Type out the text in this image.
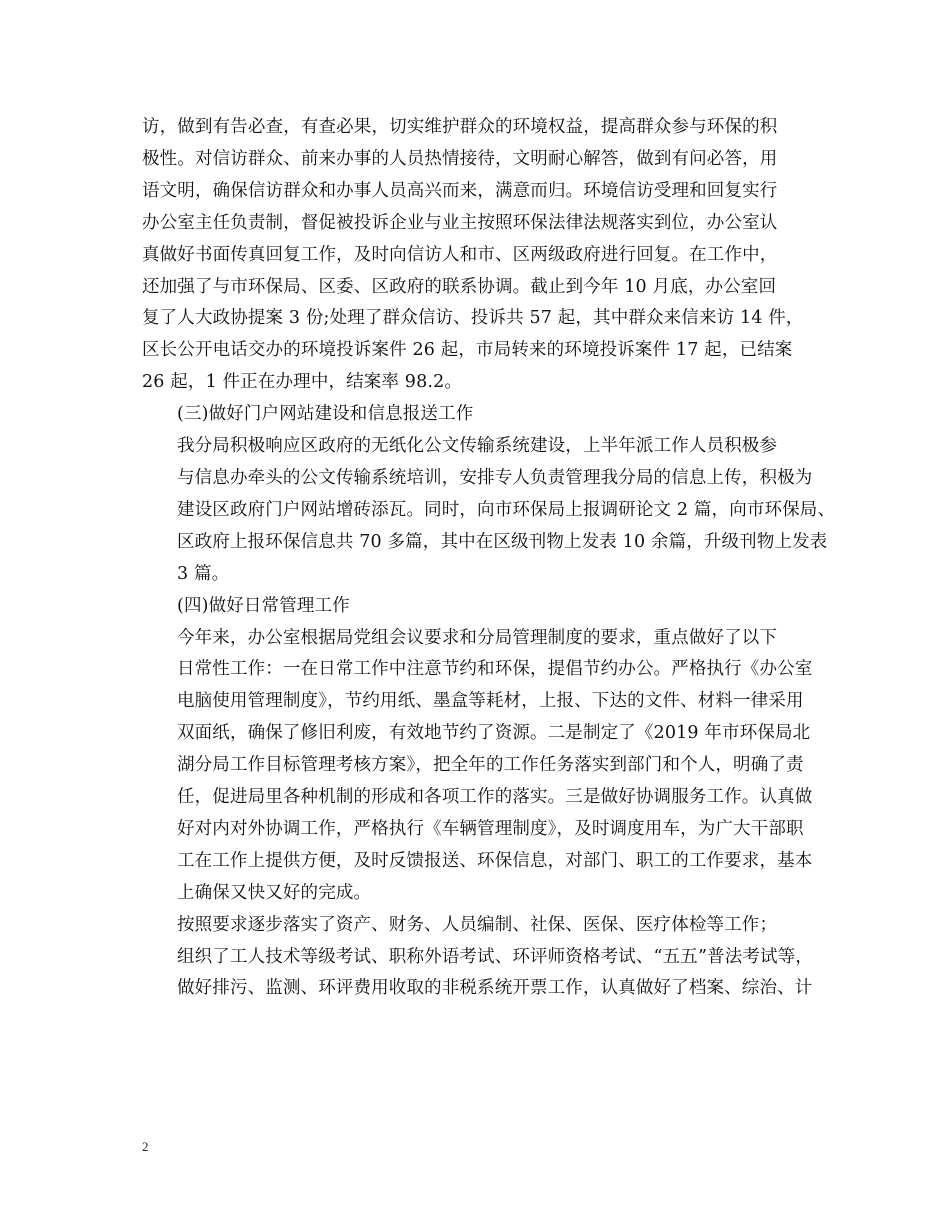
访，做到有告必查，有查必果，切实维护群众的环境权益，提高群众参与环保的积
极性。对信访群众、前来办事的人员热情接待，文明耐心解答，做到有问必答，用
语文明，确保信访群众和办事人员高兴而来，满意而归。环境信访受理和回复实行
办公室主任负责制，督促被投诉企业与业主按照环保法律法规落实到位，办公室认
真做好书面传真回复工作，及时向信访人和市、区两级政府进行回复。在工作中，
还加强了与市环保局、区委、区政府的联系协调。截止到今年 10 月底，办公室回
复了人大政协提案 3 份;处理了群众信访、投诉共 57 起，其中群众来信来访 14 件，
区长公开电话交办的环境投诉案件 26 起，市局转来的环境投诉案件 17 起，已结案
26 起，1 件正在办理中，结案率 98.2。

(三)做好门户网站建设和信息报送工作

我分局积极响应区政府的无纸化公文传输系统建设，上半年派工作人员积极参
与信息办牵头的公文传输系统培训，安排专人负责管理我分局的信息上传，积极为
建设区政府门户网站增砖添瓦。同时，向市环保局上报调研论文 2 篇，向市环保局、
区政府上报环保信息共 70 多篇，其中在区级刊物上发表 10 余篇，升级刊物上发表
3 篇。

(四)做好日常管理工作

今年来，办公室根据局党组会议要求和分局管理制度的要求，重点做好了以下
日常性工作：一在日常工作中注意节约和环保，提倡节约办公。严格执行《办公室
电脑使用管理制度》，节约用纸、墨盒等耗材，上报、下达的文件、材料一律采用
双面纸，确保了修旧利废，有效地节约了资源。二是制定了《2019 年市环保局北
湖分局工作目标管理考核方案》，把全年的工作任务落实到部门和个人，明确了责
任，促进局里各种机制的形成和各项工作的落实。三是做好协调服务工作。认真做
好对内对外协调工作，严格执行《车辆管理制度》，及时调度用车，为广大干部职
工在工作上提供方便，及时反馈报送、环保信息，对部门、职工的工作要求，基本
上确保又快又好的完成。

按照要求逐步落实了资产、财务、人员编制、社保、医保、医疗体检等工作；
组织了工人技术等级考试、职称外语考试、环评师资格考试、“五五”普法考试等，
做好排污、监测、环评费用收取的非税系统开票工作，认真做好了档案、综治、计

2
